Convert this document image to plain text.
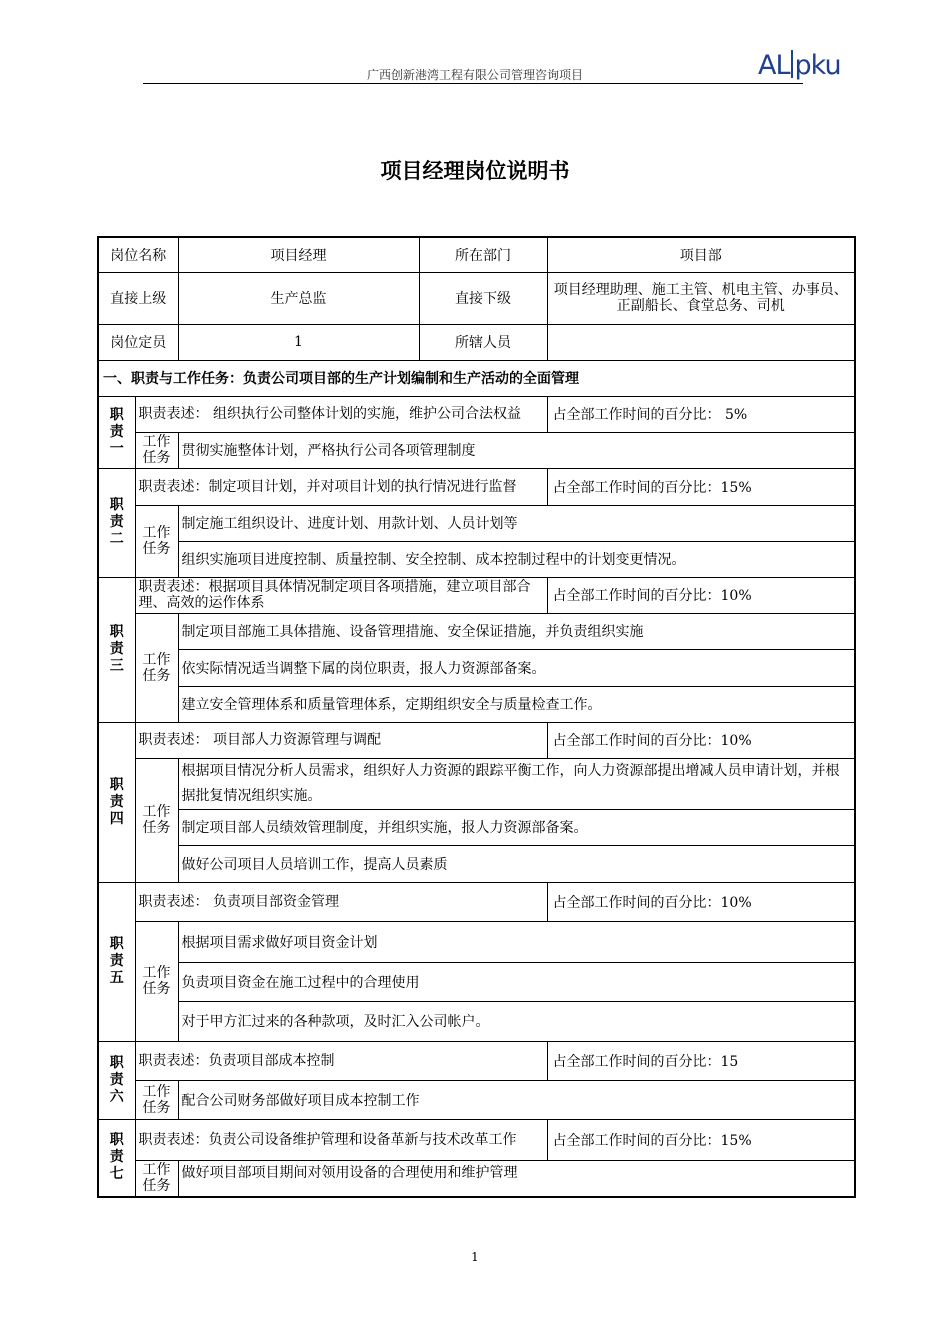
广西创新港湾工程有限公司管理咨询项目	AL pku
项目经理岗位说明书
岗位名称		项目经理	所在部门	项目部
直接上级		生产总监	直接下级	项目经理助理、施工主管、机电主管、办事员、正副船长、食堂总务、司机
岗位定员		1	所辖人员	
一、职责与工作任务：负责公司项目部的生产计划编制和生产活动的全面管理				

职责一	职责表述： 组织执行公司整体计划的实施，维护公司合法权益			占全部工作时间的百分比： 5%

	工作任务	贯彻实施整体计划，严格执行公司各项管理制度		

职责二	职责表述：制定项目计划，并对项目计划的执行情况进行监督			占全部工作时间的百分比：15%

	工作任务	制定施工组织设计、进度计划、用款计划、人员计划等		
		组织实施项目进度控制、质量控制、安全控制、成本控制过程中的计划变更情况。		

职责三	职责表述：根据项目具体情况制定项目各项措施，建立项目部合理、高效的运作体系			占全部工作时间的百分比：10%

	工作任务	制定项目部施工具体措施、设备管理措施、安全保证措施，并负责组织实施		
		依实际情况适当调整下属的岗位职责，报人力资源部备案。		
		建立安全管理体系和质量管理体系，定期组织安全与质量检查工作。		

职责四	职责表述： 项目部人力资源管理与调配			占全部工作时间的百分比：10%

	工作任务	根据项目情况分析人员需求，组织好人力资源的跟踪平衡工作，向人力资源部提出增减人员申请计划，并根据批复情况组织实施。		
		制定项目部人员绩效管理制度，并组织实施，报人力资源部备案。		
		做好公司项目人员培训工作，提高人员素质		

职责五	职责表述： 负责项目部资金管理			占全部工作时间的百分比：10%

	工作任务	根据项目需求做好项目资金计划		
		负责项目资金在施工过程中的合理使用		
		对于甲方汇过来的各种款项，及时汇入公司帐户。		

职责六	职责表述：负责项目部成本控制			占全部工作时间的百分比：15

	工作任务	配合公司财务部做好项目成本控制工作		

职责七	职责表述：负责公司设备维护管理和设备革新与技术改革工作			占全部工作时间的百分比：15%

	工作任务	做好项目部项目期间对领用设备的合理使用和维护管理		
1
